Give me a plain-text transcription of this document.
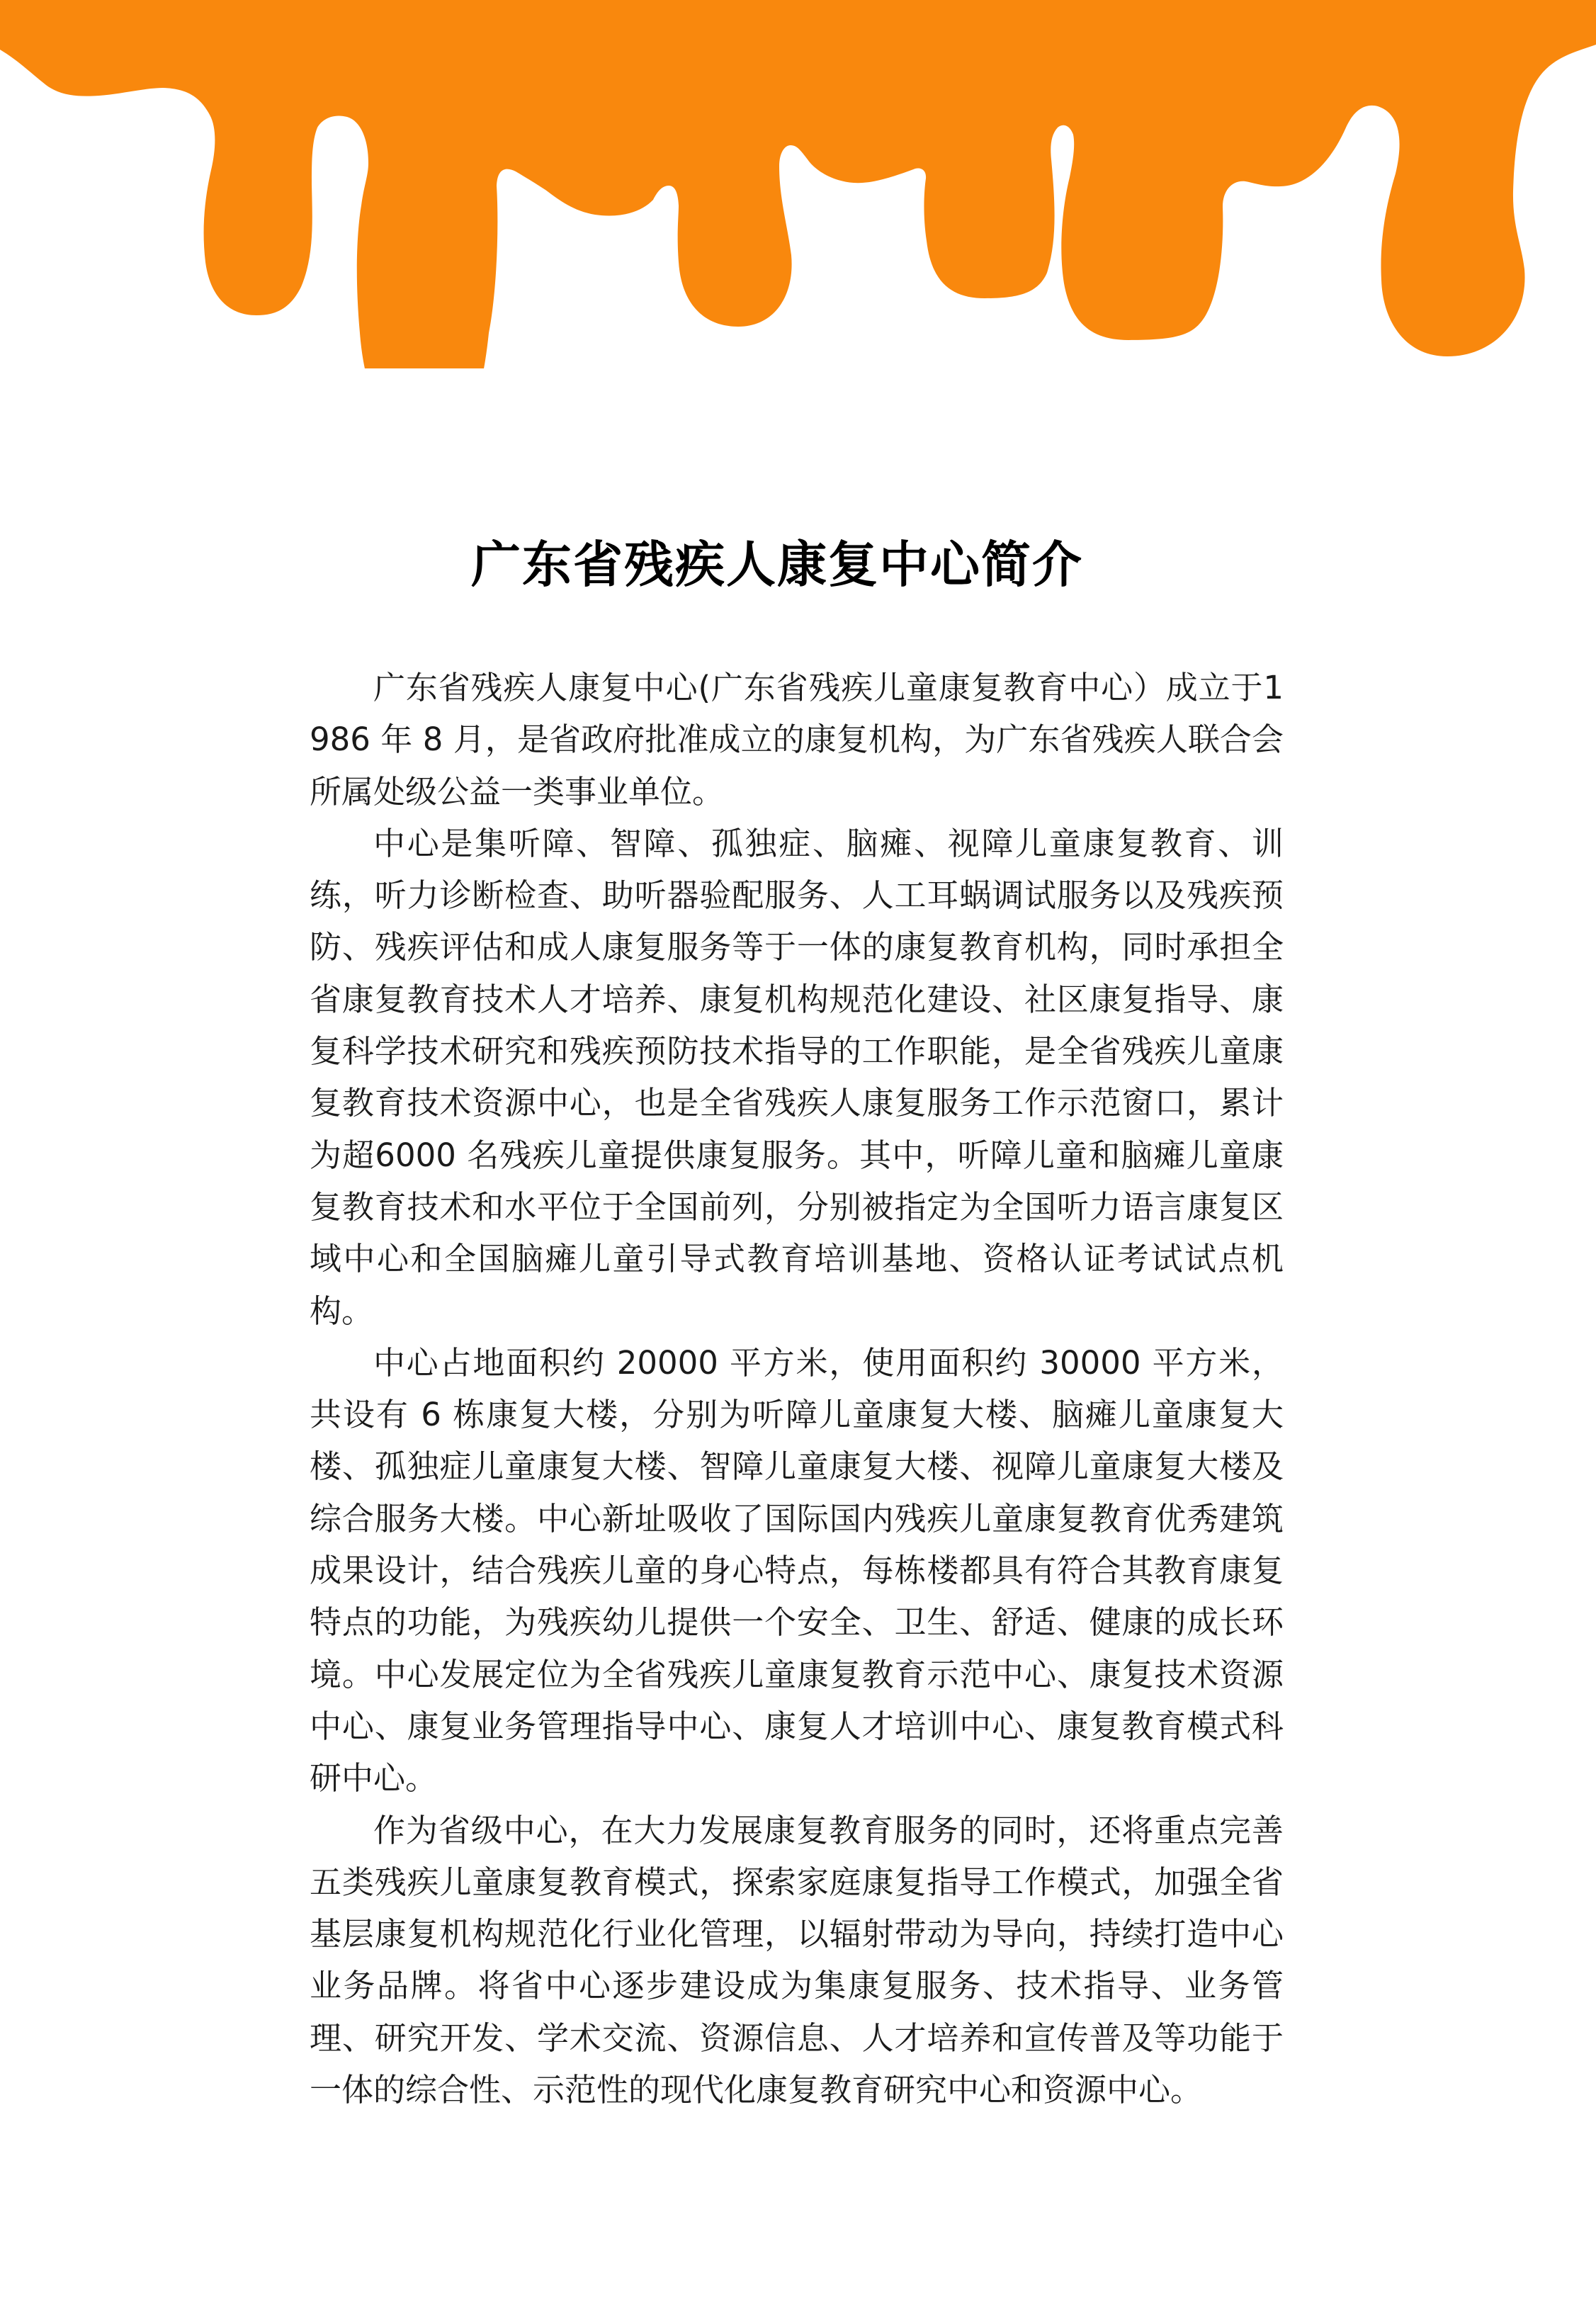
广东省残疾人康复中心简介

广东省残疾人康复中心(广东省残疾儿童康复教育中心）成立于1986 年 8 月，是省政府批准成立的康复机构，为广东省残疾人联合会所属处级公益一类事业单位。

中心是集听障、智障、孤独症、脑瘫、视障儿童康复教育、训练，听力诊断检查、助听器验配服务、人工耳蜗调试服务以及残疾预防、残疾评估和成人康复服务等于一体的康复教育机构，同时承担全省康复教育技术人才培养、康复机构规范化建设、社区康复指导、康复科学技术研究和残疾预防技术指导的工作职能，是全省残疾儿童康复教育技术资源中心，也是全省残疾人康复服务工作示范窗口，累计为超6000 名残疾儿童提供康复服务。其中，听障儿童和脑瘫儿童康复教育技术和水平位于全国前列，分别被指定为全国听力语言康复区域中心和全国脑瘫儿童引导式教育培训基地、资格认证考试试点机构。

中心占地面积约 20000 平方米，使用面积约 30000 平方米，共设有 6 栋康复大楼，分别为听障儿童康复大楼、脑瘫儿童康复大楼、孤独症儿童康复大楼、智障儿童康复大楼、视障儿童康复大楼及综合服务大楼。中心新址吸收了国际国内残疾儿童康复教育优秀建筑成果设计，结合残疾儿童的身心特点，每栋楼都具有符合其教育康复特点的功能，为残疾幼儿提供一个安全、卫生、舒适、健康的成长环境。中心发展定位为全省残疾儿童康复教育示范中心、康复技术资源中心、康复业务管理指导中心、康复人才培训中心、康复教育模式科研中心。

作为省级中心，在大力发展康复教育服务的同时，还将重点完善五类残疾儿童康复教育模式，探索家庭康复指导工作模式，加强全省基层康复机构规范化行业化管理，以辐射带动为导向，持续打造中心业务品牌。将省中心逐步建设成为集康复服务、技术指导、业务管理、研究开发、学术交流、资源信息、人才培养和宣传普及等功能于一体的综合性、示范性的现代化康复教育研究中心和资源中心。
